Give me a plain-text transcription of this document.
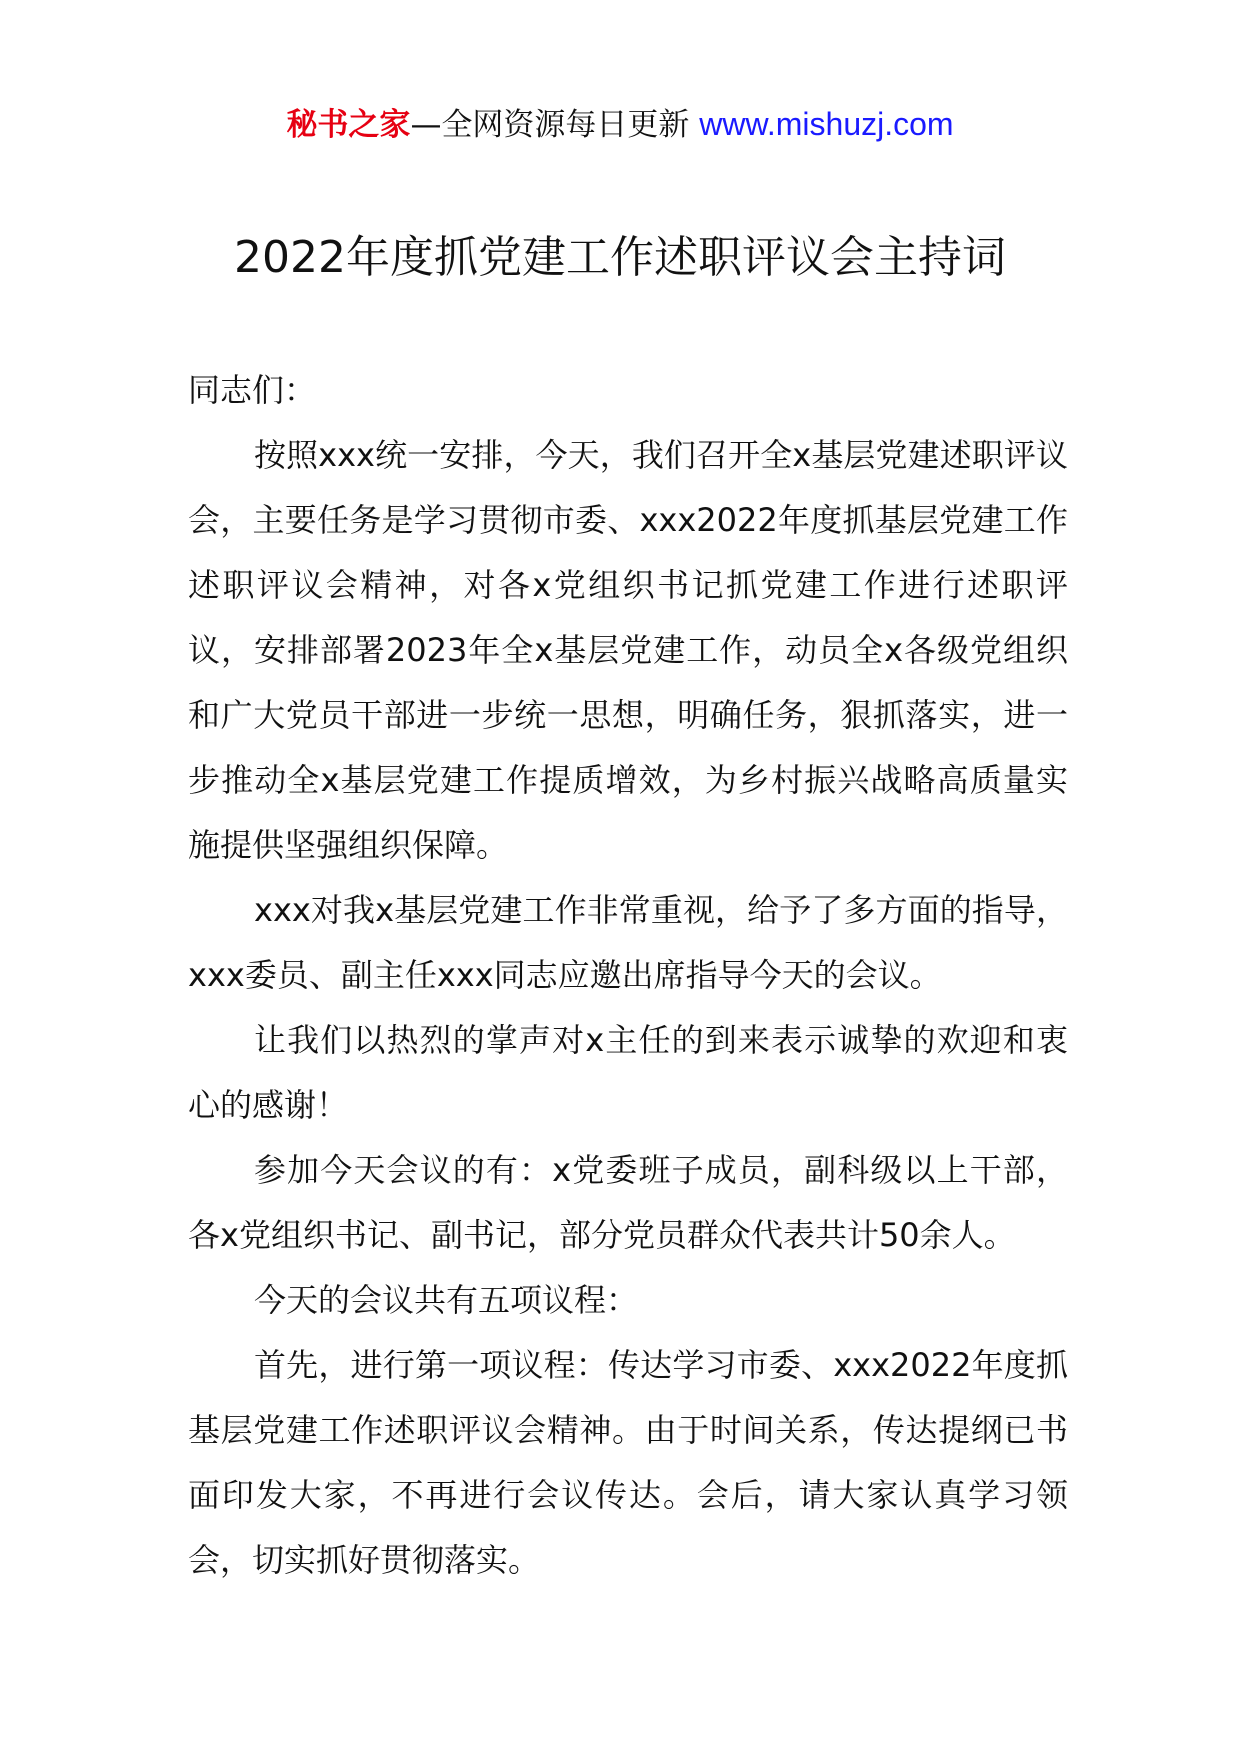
秘书之家—全网资源每日更新 www.mishuzj.com
2022年度抓党建工作述职评议会主持词

同志们：

按照xxx统一安排，今天，我们召开全x基层党建述职评议会，主要任务是学习贯彻市委、xxx2022年度抓基层党建工作述职评议会精神，对各x党组织书记抓党建工作进行述职评议，安排部署2023年全x基层党建工作，动员全x各级党组织和广大党员干部进一步统一思想，明确任务，狠抓落实，进一步推动全x基层党建工作提质增效，为乡村振兴战略高质量实施提供坚强组织保障。

xxx对我x基层党建工作非常重视，给予了多方面的指导，xxx委员、副主任xxx同志应邀出席指导今天的会议。

让我们以热烈的掌声对x主任的到来表示诚挚的欢迎和衷心的感谢！

参加今天会议的有：x党委班子成员，副科级以上干部，各x党组织书记、副书记，部分党员群众代表共计50余人。

今天的会议共有五项议程：

首先，进行第一项议程：传达学习市委、xxx2022年度抓基层党建工作述职评议会精神。由于时间关系，传达提纲已书面印发大家，不再进行会议传达。会后，请大家认真学习领会，切实抓好贯彻落实。
